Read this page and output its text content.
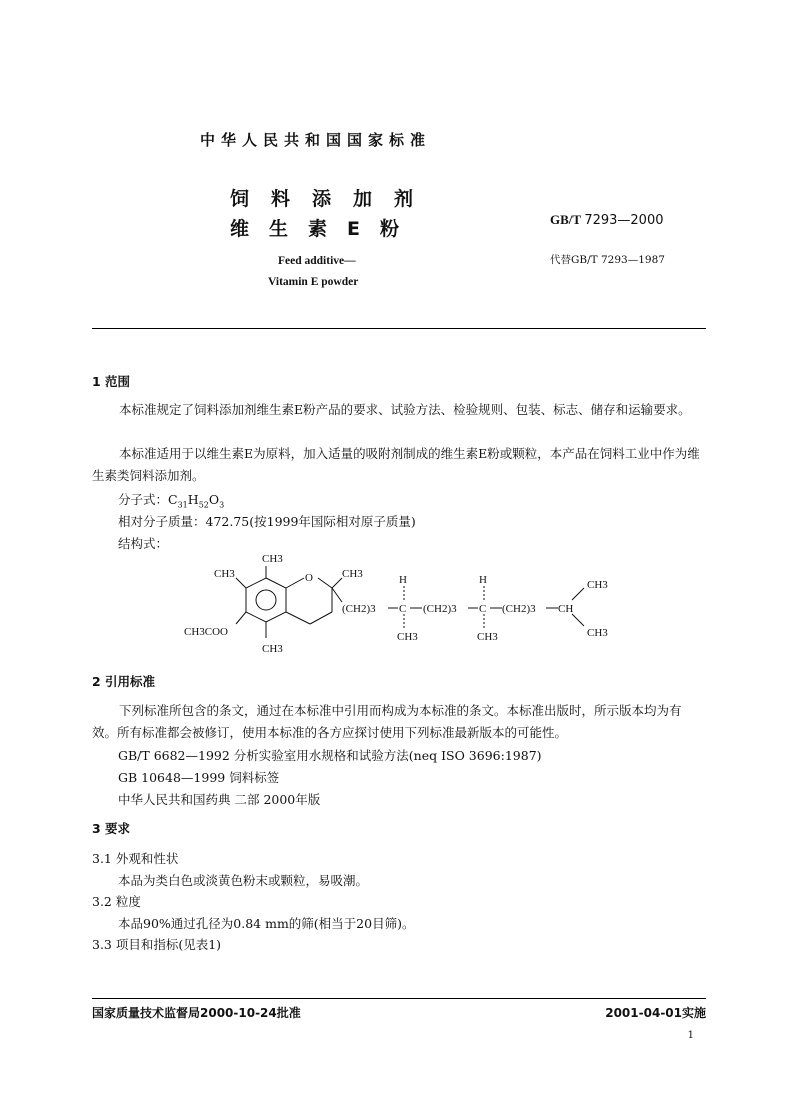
中华人民共和国国家标准
饲料添加剂
维生素E粉
Feed additive—
Vitamin E powder
GB/T 7293—2000
代替GB/T 7293—1987
1 范围
本标准规定了饲料添加剂维生素E粉产品的要求、试验方法、检验规则、包装、标志、储存和运输要求。
本标准适用于以维生素E为原料，加入适量的吸附剂制成的维生素E粉或颗粒，本产品在饲料工业中作为维生素类饲料添加剂。
分子式：$C_{31}H_{52}O_3$
相对分子质量：472.75(按1999年国际相对原子质量)
结构式：
CH3
CH3	O	CH3
CH3COO
CH3
(CH2)3 C
H
CH3
(CH2)3 C
H
CH3
(CH2)3 CH
CH3
CH3
2 引用标准
下列标准所包含的条文，通过在本标准中引用而构成为本标准的条文。本标准出版时，所示版本均为有效。所有标准都会被修订，使用本标准的各方应探讨使用下列标准最新版本的可能性。
GB/T 6682—1992 分析实验室用水规格和试验方法(neq ISO 3696:1987)
GB 10648—1999 饲料标签
中华人民共和国药典 二部 2000年版
3 要求
3.1 外观和性状
本品为类白色或淡黄色粉末或颗粒，易吸潮。
3.2 粒度
本品90%通过孔径为0.84 mm的筛(相当于20目筛)。
3.3 项目和指标(见表1)
国家质量技术监督局2000-10-24批准	2001-04-01实施
1
